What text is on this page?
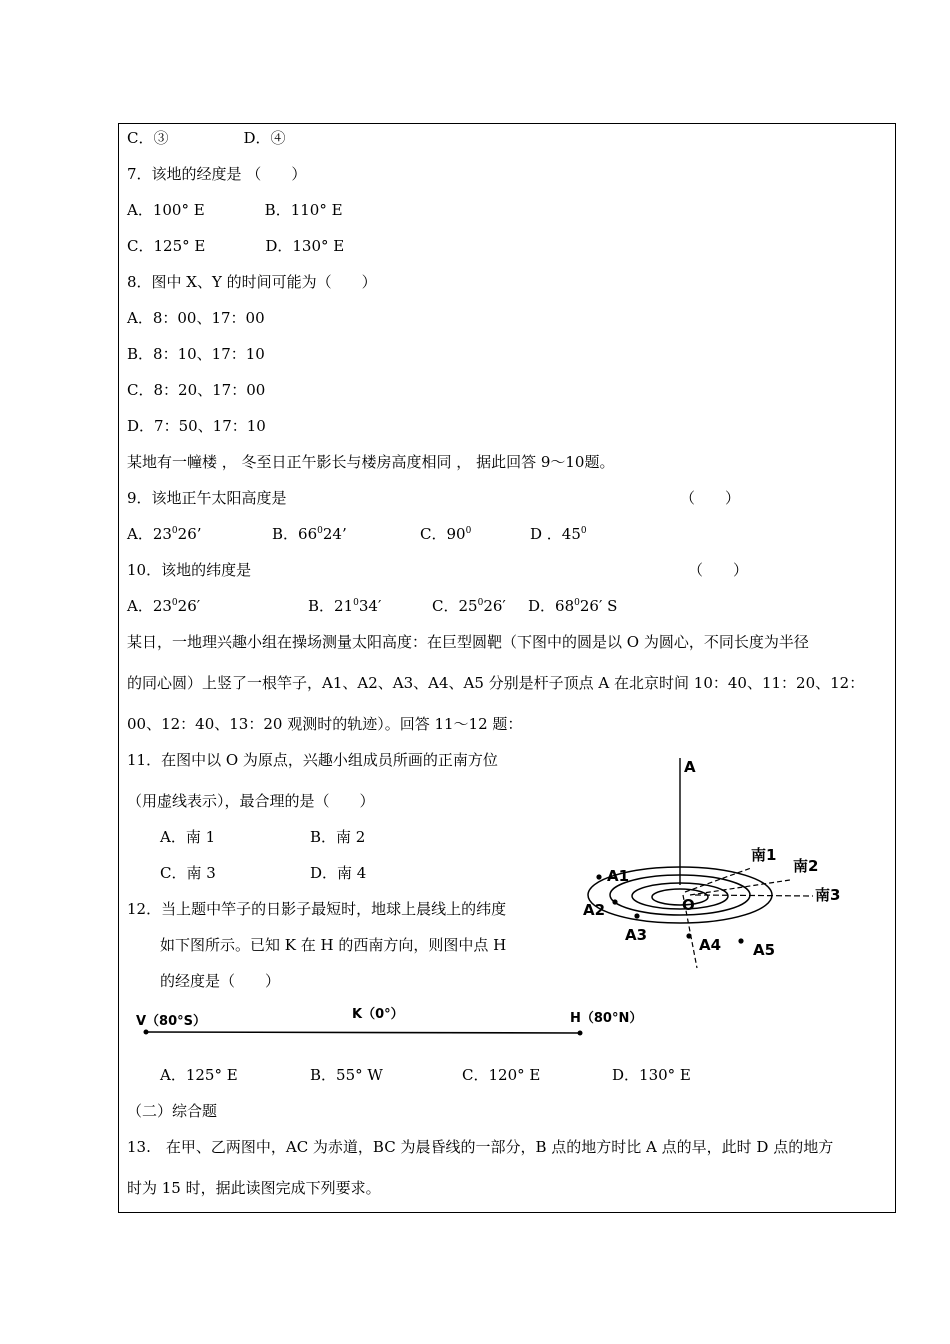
C．③　　　　　D．④
7．该地的经度是 （　　）
A．100° E　　　　B．110° E
C．125° E　　　　D．130° E
8．图中 X、Y 的时间可能为（　　）
A．8：00、17：00
B．8：10、17：10
C．8：20、17：00
D．7：50、17：10
某地有一幢楼 ， 冬至日正午影长与楼房高度相同 ， 据此回答 9～10题。
9．该地正午太阳高度是	（　　）
A．$23^026$’	B．$66^024$’	C．$90^0$	D ．$45^0$
10．该地的纬度是	（　　）
A．$23^026'$	B．$21^034'$	C．$25^026'$ D．$68^026'$ S
某日，一地理兴趣小组在操场测量太阳高度：在巨型圆靶（下图中的圆是以 O 为圆心，不同长度为半径
的同心圆）上竖了一根竿子，A1、A2、A3、A4、A5 分别是杆子顶点 A 在北京时间 10：40、11：20、12：
00、12：40、13：20 观测时的轨迹）。回答 11～12 题：
11．在图中以 O 为原点，兴趣小组成员所画的正南方位
（用虚线表示），最合理的是（　　）
A．南 1	B．南 2
C．南 3	D．南 4
12．当上题中竿子的日影子最短时，地球上晨线上的纬度
如下图所示。已知 K 在 H 的西南方向，则图中点 H
的经度是（　　）
V（80°S）	K（0°）	H（80°N）
A．125° E	B．55° W	C．120° E	D．130° E
（二）综合题
13.　在甲、乙两图中，AC 为赤道，BC 为晨昏线的一部分，B 点的地方时比 A 点的早，此时 D 点的地方
时为 15 时，据此读图完成下列要求。
A
O
南1
南2
南3
A1
A2
A3
A4 A5
